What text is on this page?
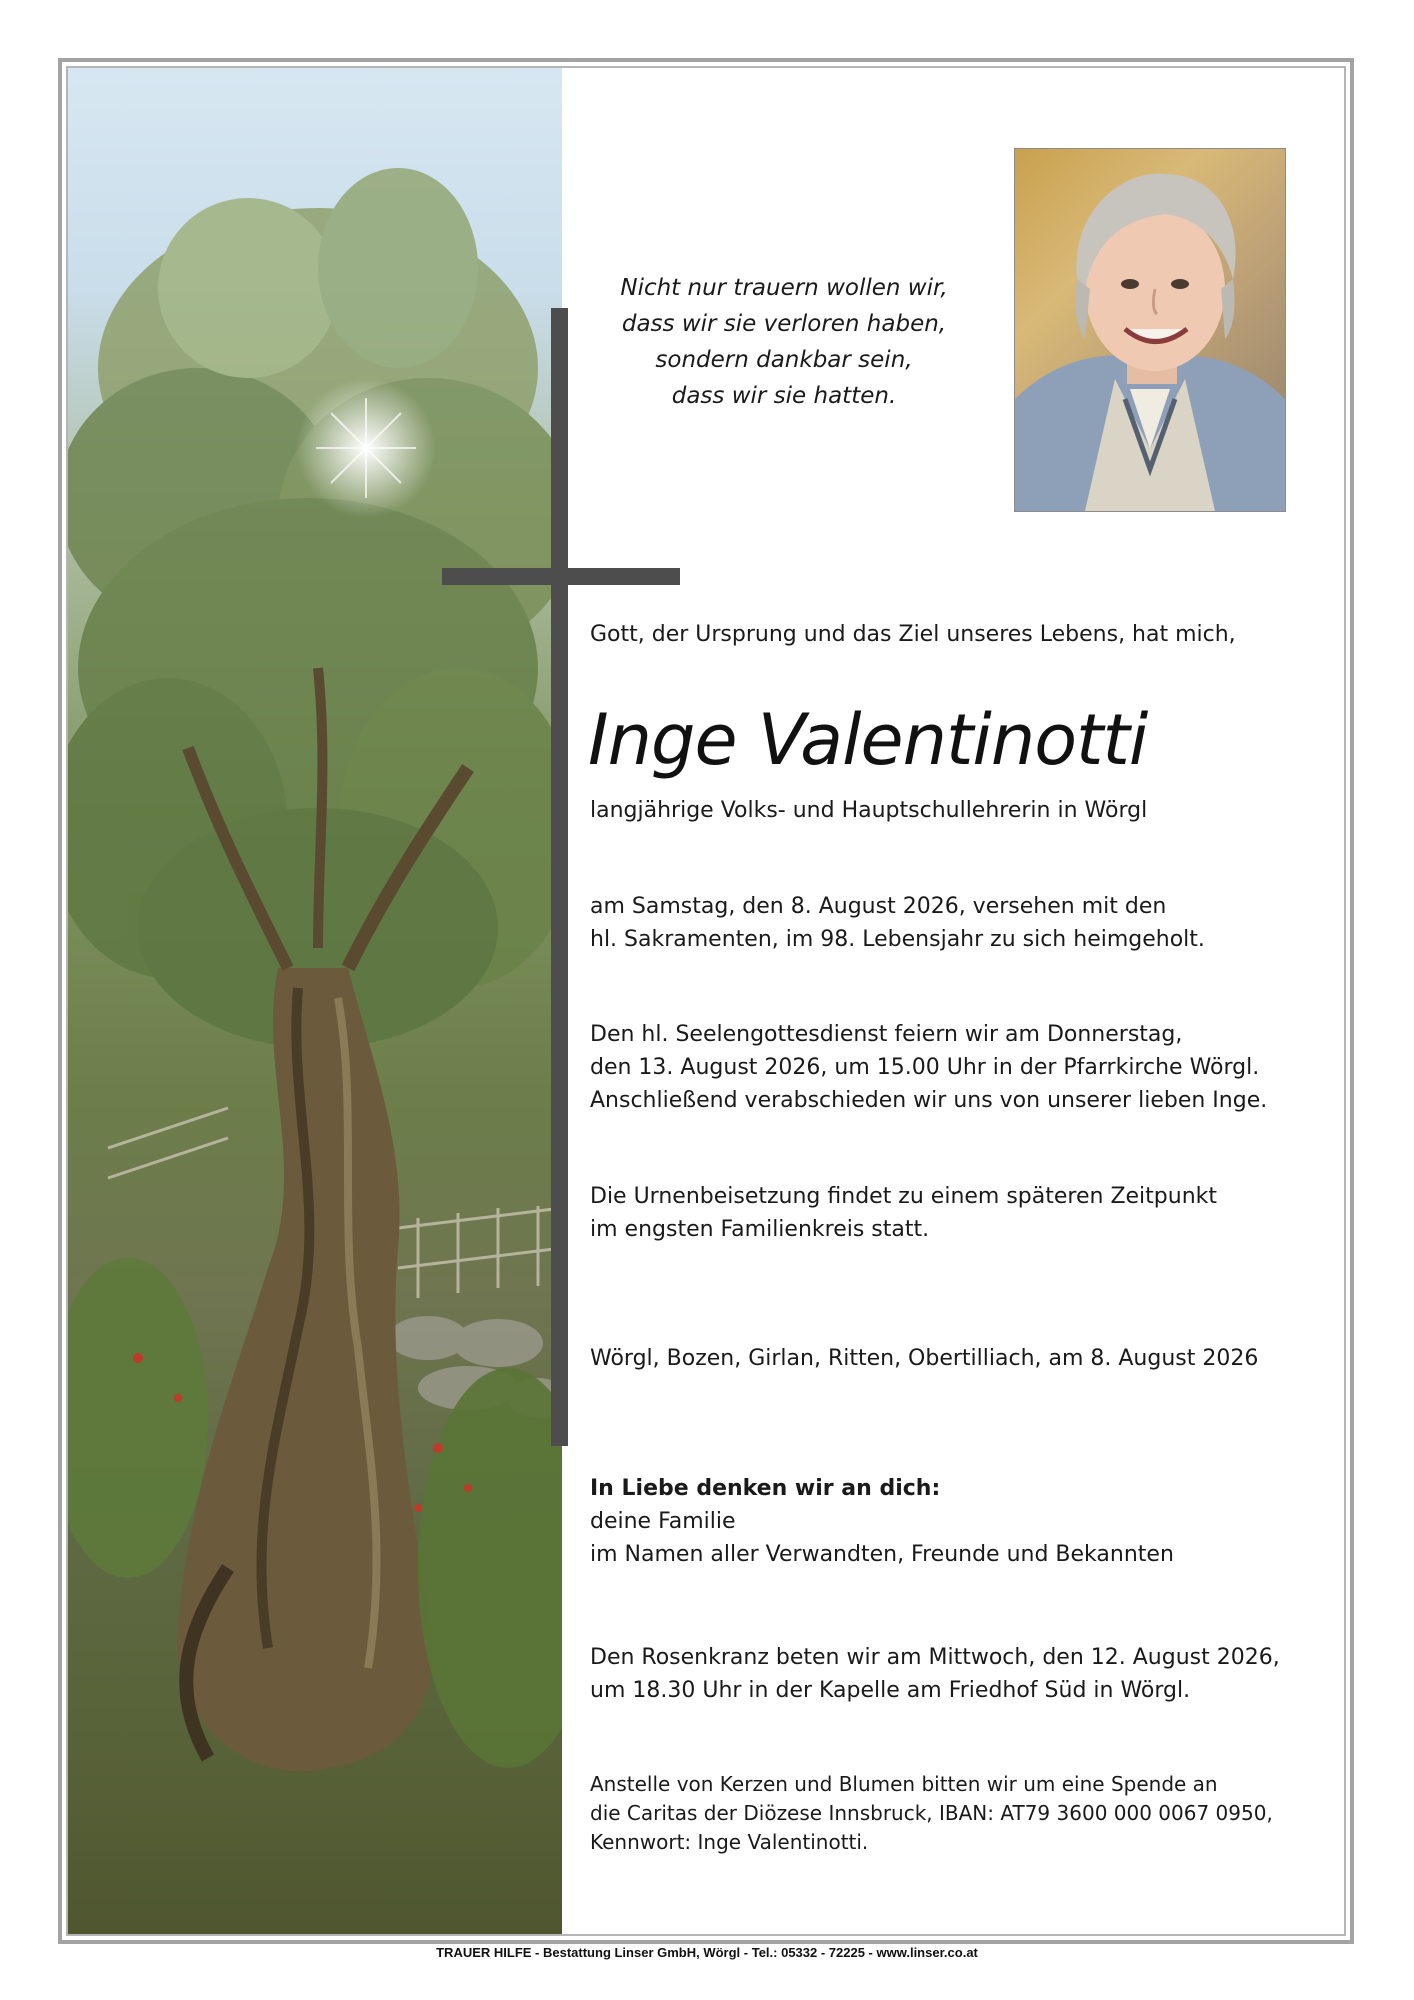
Nicht nur trauern wollen wir,
dass wir sie verloren haben,
sondern dankbar sein,
dass wir sie hatten.
Gott, der Ursprung und das Ziel unseres Lebens, hat mich,
Inge Valentinotti
langjährige Volks- und Hauptschullehrerin in Wörgl
am Samstag, den 8. August 2026, versehen mit den
hl. Sakramenten, im 98. Lebensjahr zu sich heimgeholt.
Den hl. Seelengottesdienst feiern wir am Donnerstag,
den 13. August 2026, um 15.00 Uhr in der Pfarrkirche Wörgl.
Anschließend verabschieden wir uns von unserer lieben Inge.
Die Urnenbeisetzung findet zu einem späteren Zeitpunkt
im engsten Familienkreis statt.
Wörgl, Bozen, Girlan, Ritten, Obertilliach, am 8. August 2026
In Liebe denken wir an dich:
deine Familie
im Namen aller Verwandten, Freunde und Bekannten
Den Rosenkranz beten wir am Mittwoch, den 12. August 2026,
um 18.30 Uhr in der Kapelle am Friedhof Süd in Wörgl.
Anstelle von Kerzen und Blumen bitten wir um eine Spende an
die Caritas der Diözese Innsbruck, IBAN: AT79 3600 000 0067 0950,
Kennwort: Inge Valentinotti.
TRAUER HILFE - Bestattung Linser GmbH, Wörgl - Tel.: 05332 - 72225 - www.linser.co.at
